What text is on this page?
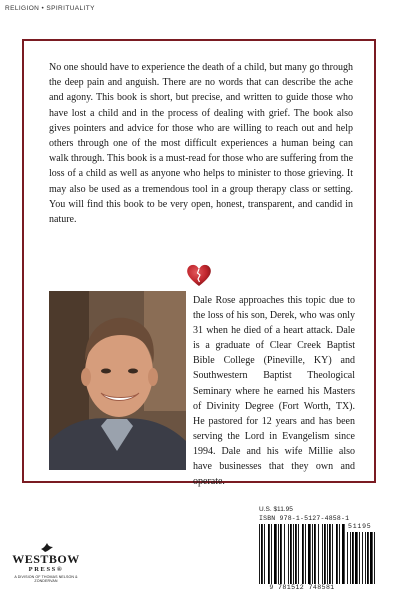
RELIGION • SPIRITUALITY

No one should have to experience the death of a child, but many go through the deep pain and anguish. There are no words that can describe the ache and agony. This book is short, but precise, and written to guide those who have lost a child and in the process of dealing with grief. The book also gives pointers and advice for those who are willing to reach out and help others through one of the most difficult experiences a human being can walk through. This book is a must-read for those who are suffering from the loss of a child as well as anyone who helps to minister to those grieving. It may also be used as a tremendous tool in a group therapy class or setting. You will find this book to be very open, honest, transparent, and candid in nature.

Dale Rose approaches this topic due to the loss of his son, Derek, who was only 31 when he died of a heart attack. Dale is a graduate of Clear Creek Baptist Bible College (Pineville, KY) and Southwestern Baptist Theological Seminary where he earned his Masters of Divinity Degree (Fort Worth, TX). He pastored for 12 years and has been serving the Lord in Evangelism since 1994. Dale and his wife Millie also have businesses that they own and operate.

WESTBOW
PRESS®
A DIVISION OF THOMAS NELSON & ZONDERVAN
U.S. $11.95
ISBN 978-1-5127-4858-1
51195
9 781512 748581
